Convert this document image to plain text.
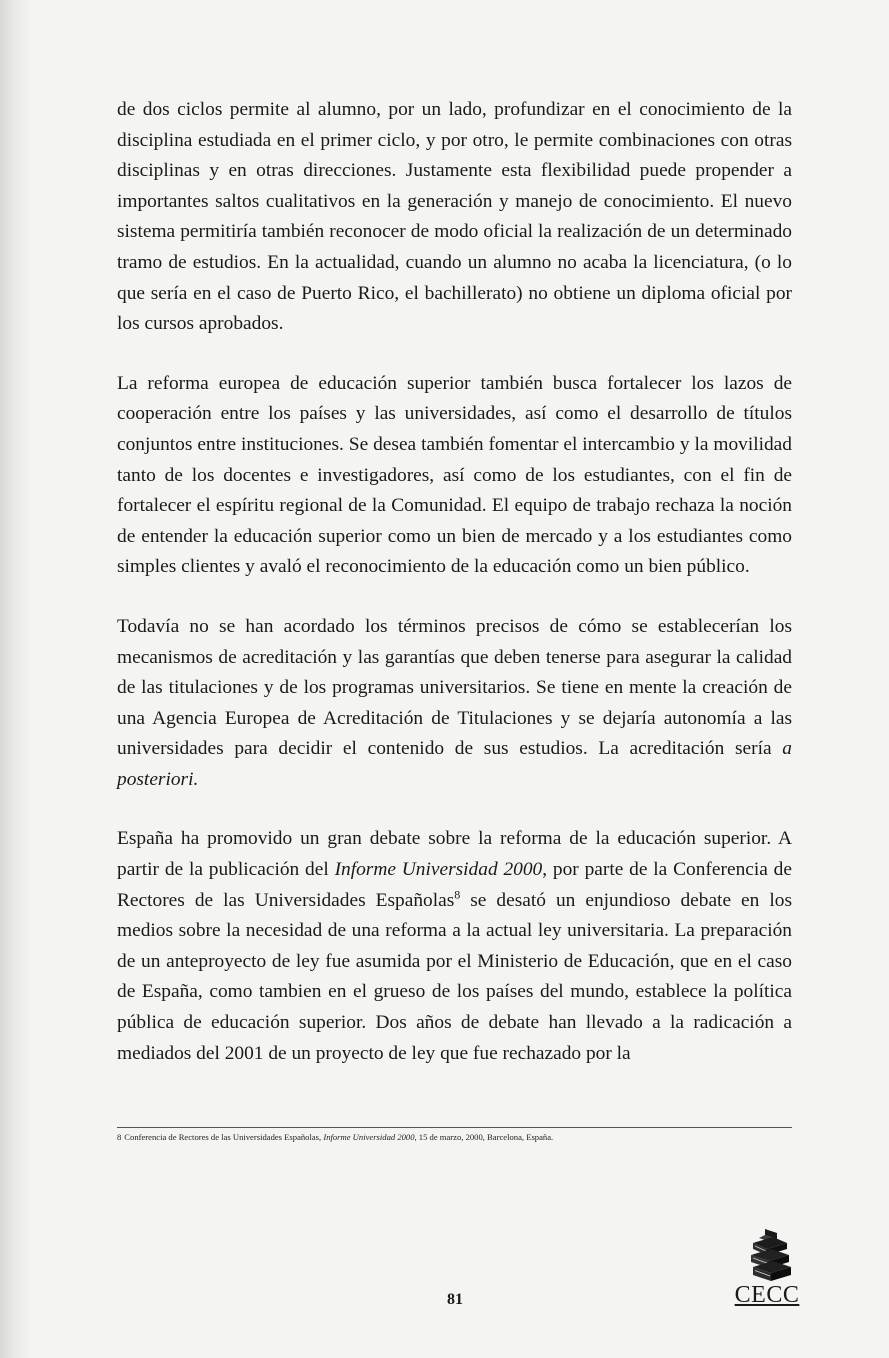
de dos ciclos permite al alumno, por un lado, profundizar en el conocimiento de la disciplina estudiada en el primer ciclo, y por otro, le permite combinaciones con otras disciplinas y en otras direcciones. Justamente esta flexibilidad puede propender a importantes saltos cualitativos en la generación y manejo de conocimiento. El nuevo sistema permitiría también reconocer de modo oficial la realización de un determinado tramo de estudios. En la actualidad, cuando un alumno no acaba la licenciatura, (o lo que sería en el caso de Puerto Rico, el bachillerato) no obtiene un diploma oficial por los cursos aprobados.

La reforma europea de educación superior también busca fortalecer los lazos de cooperación entre los países y las universidades, así como el desarrollo de títulos conjuntos entre instituciones. Se desea también fomentar el intercambio y la movilidad tanto de los docentes e investigadores, así como de los estudiantes, con el fin de fortalecer el espíritu regional de la Comunidad. El equipo de trabajo rechaza la noción de entender la educación superior como un bien de mercado y a los estudiantes como simples clientes y avaló el reconocimiento de la educación como un bien público.

Todavía no se han acordado los términos precisos de cómo se establecerían los mecanismos de acreditación y las garantías que deben tenerse para asegurar la calidad de las titulaciones y de los programas universitarios. Se tiene en mente la creación de una Agencia Europea de Acreditación de Titulaciones y se dejaría autonomía a las universidades para decidir el contenido de sus estudios. La acreditación sería a posteriori.

España ha promovido un gran debate sobre la reforma de la educación superior. A partir de la publicación del Informe Universidad 2000, por parte de la Conferencia de Rectores de las Universidades Españolas$^8$ se desató un enjundioso debate en los medios sobre la necesidad de una reforma a la actual ley universitaria. La preparación de un anteproyecto de ley fue asumida por el Ministerio de Educación, que en el caso de España, como tambien en el grueso de los países del mundo, establece la política pública de educación superior. Dos años de debate han llevado a la radicación a mediados del 2001 de un proyecto de ley que fue rechazado por la

8 Conferencia de Rectores de las Universidades Españolas, Informe Universidad 2000, 15 de marzo, 2000, Barcelona, España.
81	CECC
